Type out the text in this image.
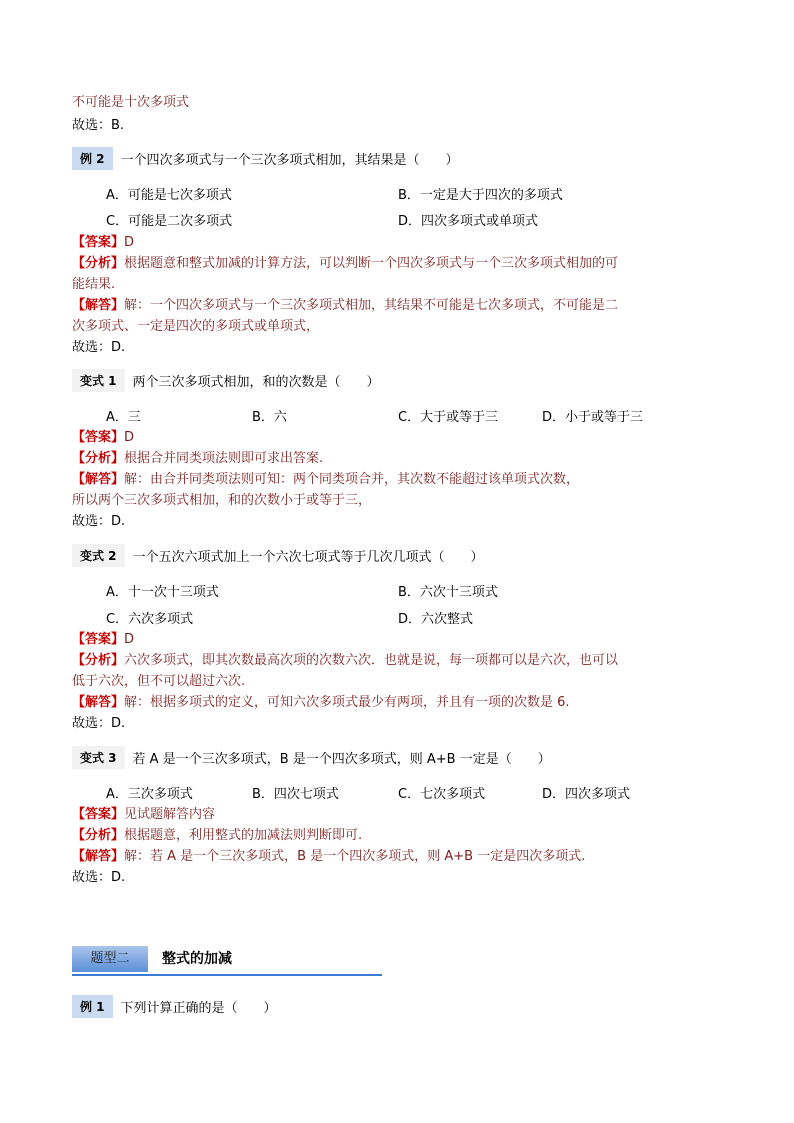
不可能是十次多项式
故选：B.
例 2	一个四次多项式与一个三次多项式相加，其结果是（　　）
A．可能是七次多项式	B．一定是大于四次的多项式
C．可能是二次多项式	D．四次多项式或单项式
【答案】D
【分析】根据题意和整式加减的计算方法，可以判断一个四次多项式与一个三次多项式相加的可
能结果.
【解答】解：一个四次多项式与一个三次多项式相加，其结果不可能是七次多项式，不可能是二
次多项式、一定是四次的多项式或单项式，
故选：D.
变式 1	两个三次多项式相加，和的次数是（　　）
A．三	B．六	C．大于或等于三	D．小于或等于三
【答案】D
【分析】根据合并同类项法则即可求出答案.
【解答】解：由合并同类项法则可知：两个同类项合并，其次数不能超过该单项式次数，
所以两个三次多项式相加，和的次数小于或等于三，
故选：D.
变式 2	一个五次六项式加上一个六次七项式等于几次几项式（　　）
A．十一次十三项式	B．六次十三项式
C．六次多项式	D．六次整式
【答案】D
【分析】六次多项式，即其次数最高次项的次数六次．也就是说，每一项都可以是六次，也可以
低于六次，但不可以超过六次.
【解答】解：根据多项式的定义，可知六次多项式最少有两项，并且有一项的次数是 6.
故选：D.
变式 3	若 A 是一个三次多项式，B 是一个四次多项式，则 A+B 一定是（　　）
A．三次多项式	B．四次七项式	C．七次多项式	D．四次多项式
【答案】见试题解答内容
【分析】根据题意，利用整式的加减法则判断即可.
【解答】解：若 A 是一个三次多项式，B 是一个四次多项式，则 A+B 一定是四次多项式.
故选：D.
题型二	整式的加减
例 1	下列计算正确的是（　　）
